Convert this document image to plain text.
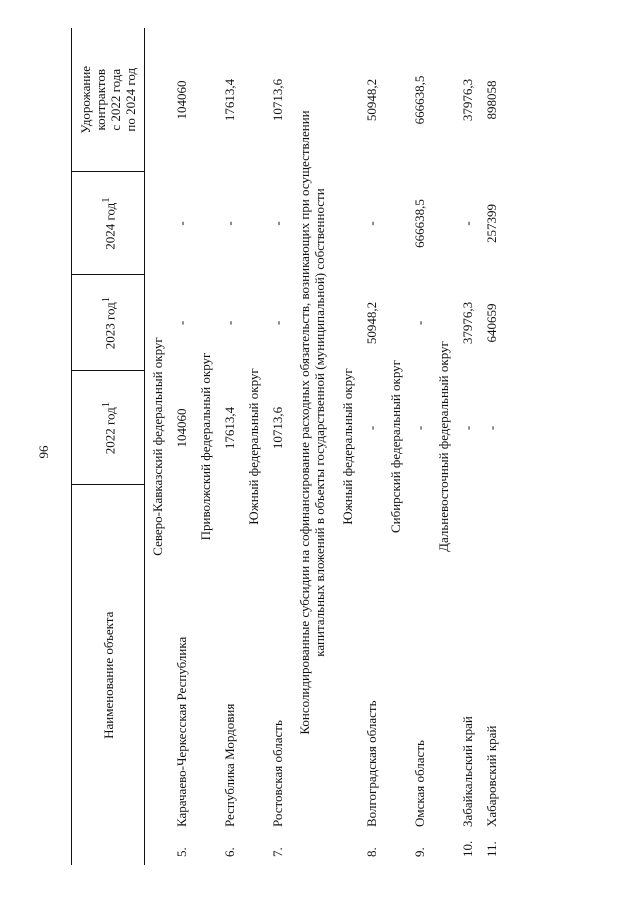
96
Наименование объекта	2022 год$^1$	2023 год$^1$	2024 год$^1$	Удорожание
контрактов
с 2022 года
по 2024 год
Северо-Кавказский федеральный округ				
5.Карачаево-Черкесская Республика	104060	-	-	104060
Приволжский федеральный округ				
6.Республика Мордовия	17613,4	-	-	17613,4
Южный федеральный округ				
7.Ростовская область	10713,6	-	-	10713,6

Консолидированные субсидии на софинансирование расходных обязательств, возникающих при осуществлении капитальных вложений в объекты государственной (муниципальной) собственности				

Южный федеральный округ				
8.Волгоградская область	-	50948,2	-	50948,2
Сибирский федеральный округ				
9.Омская область	-	-	666638,5	666638,5
Дальневосточный федеральный округ				
10.Забайкальский край	-	37976,3	-	37976,3
11.Хабаровский край	-	640659	257399	898058
